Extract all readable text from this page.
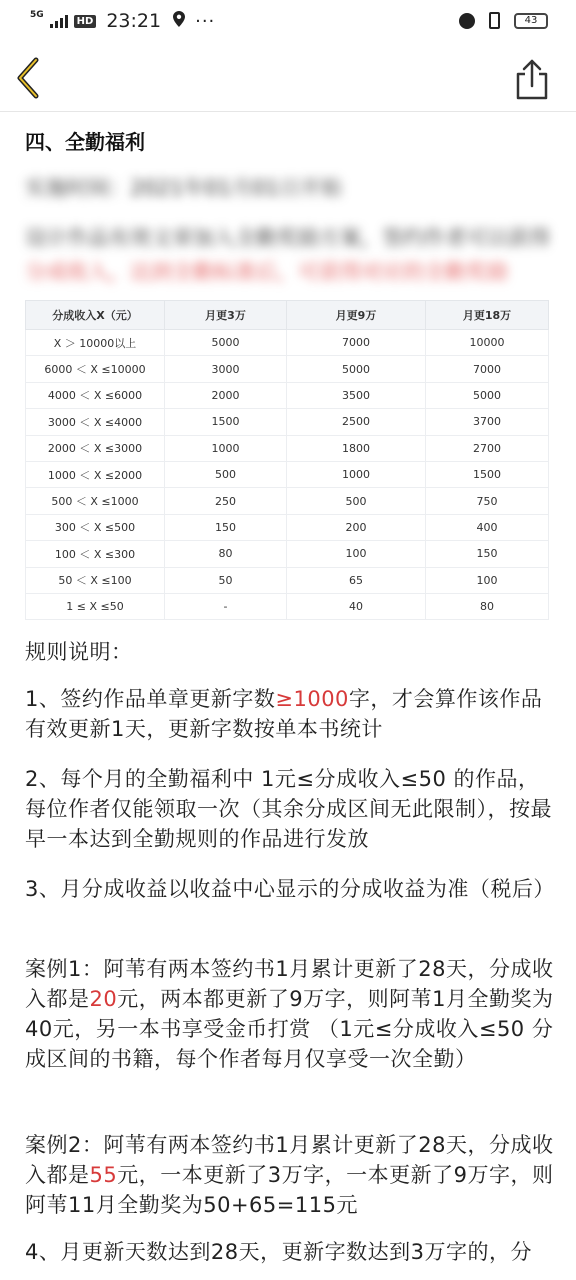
5G
HD 23:21 ···	43
四、全勤福利
实施时间：2021年01月01日开始
设计作品有效文章加入全勤奖励方案，签约作者可以获得
分成收入，达到全勤标准后，可获得对应的全勤奖励
分成收入X（元）	月更3万	月更9万	月更18万
X ＞ 10000以上	5000	7000	10000
6000 ＜ X ≤10000	3000	5000	7000
4000 ＜ X ≤6000	2000	3500	5000
3000 ＜ X ≤4000	1500	2500	3700
2000 ＜ X ≤3000	1000	1800	2700
1000 ＜ X ≤2000	500	1000	1500
500 ＜ X ≤1000	250	500	750
300 ＜ X ≤500	150	200	400
100 ＜ X ≤300	80	100	150
50 ＜ X ≤100	50	65	100
1 ≤ X ≤50	-	40	80

规则说明：

1、签约作品单章更新字数≥1000字，才会算作该作品有效更新1天，更新字数按单本书统计

2、每个月的全勤福利中 1元≤分成收入≤50 的作品，每位作者仅能领取一次（其余分成区间无此限制），按最早一本达到全勤规则的作品进行发放

3、月分成收益以收益中心显示的分成收益为准（税后）

案例1：阿苇有两本签约书1月累计更新了28天，分成收入都是20元，两本都更新了9万字，则阿苇1月全勤奖为40元，另一本书享受金币打赏 （1元≤分成收入≤50 分成区间的书籍，每个作者每月仅享受一次全勤）

案例2：阿苇有两本签约书1月累计更新了28天，分成收入都是55元，一本更新了3万字，一本更新了9万字，则阿苇11月全勤奖为50+65=115元

4、月更新天数达到28天，更新字数达到3万字的，分
